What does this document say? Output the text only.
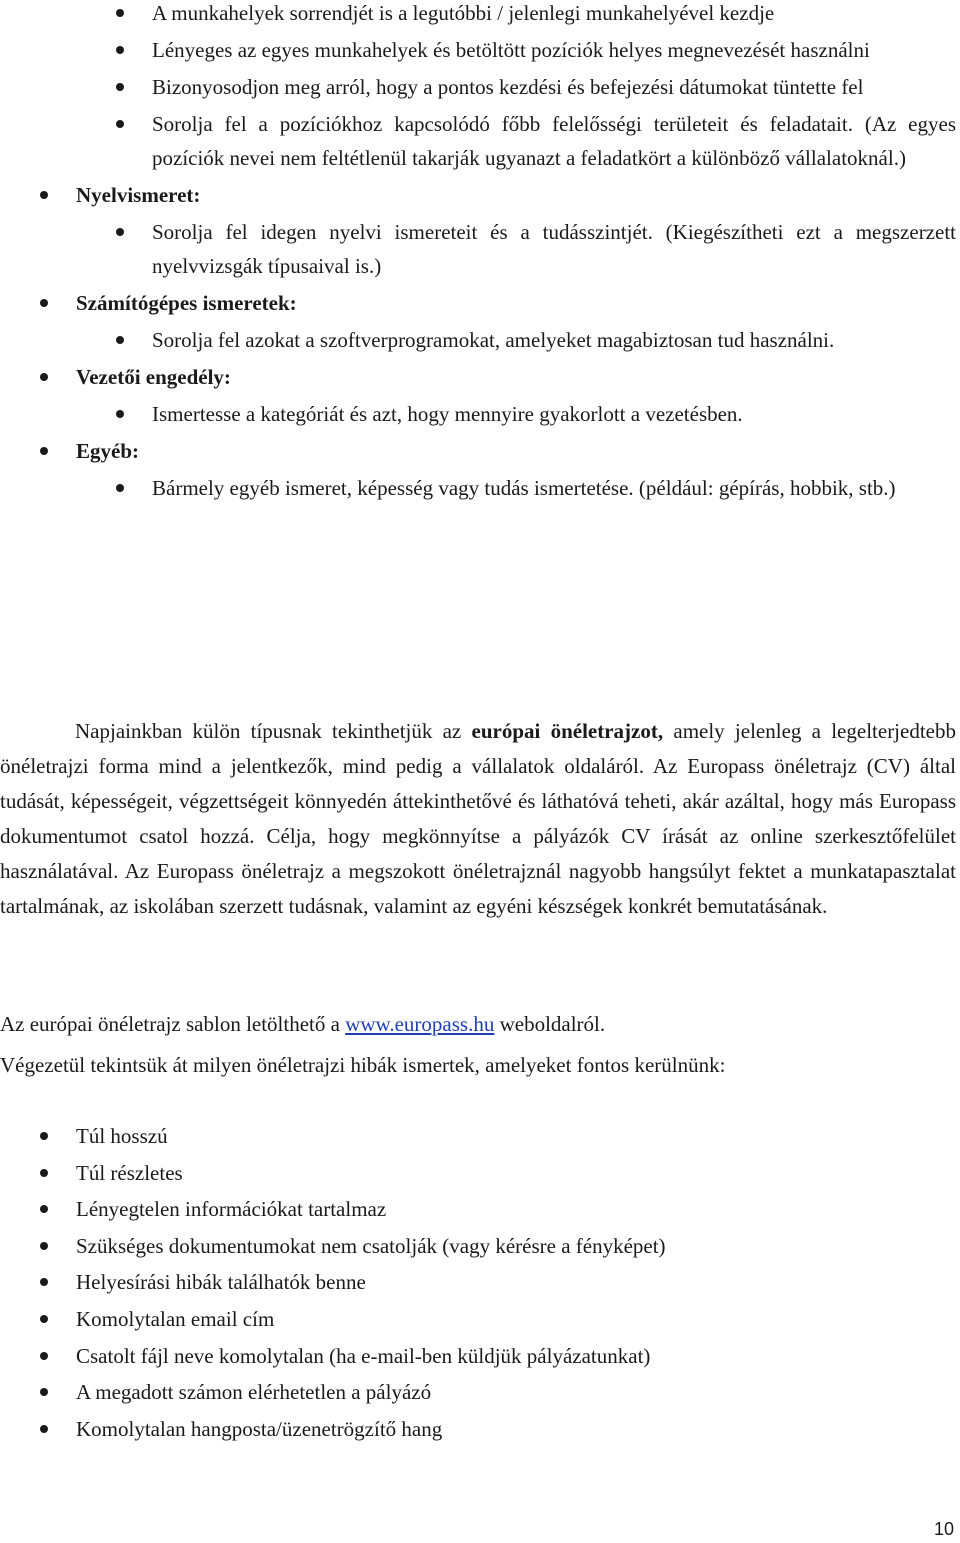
A munkahelyek sorrendjét is a legutóbbi / jelenlegi munkahelyével kezdje
Lényeges az egyes munkahelyek és betöltött pozíciók helyes megnevezését használni
Bizonyosodjon meg arról, hogy a pontos kezdési és befejezési dátumokat tüntette fel
Sorolja fel a pozíciókhoz kapcsolódó főbb felelősségi területeit és feladatait. (Az egyes pozíciók nevei nem feltétlenül takarják ugyanazt a feladatkört a különböző vállalatoknál.)
Nyelvismeret:
Sorolja fel idegen nyelvi ismereteit és a tudásszintjét. (Kiegészítheti ezt a megszerzett nyelvvizsgák típusaival is.)
Számítógépes ismeretek:
Sorolja fel azokat a szoftverprogramokat, amelyeket magabiztosan tud használni.
Vezetői engedély:
Ismertesse a kategóriát és azt, hogy mennyire gyakorlott a vezetésben.
Egyéb:
Bármely egyéb ismeret, képesség vagy tudás ismertetése. (például: gépírás, hobbik, stb.)

Napjainkban külön típusnak tekinthetjük az európai önéletrajzot, amely jelenleg a legelterjedtebb önéletrajzi forma mind a jelentkezők, mind pedig a vállalatok oldaláról. Az Europass önéletrajz (CV) által tudását, képességeit, végzettségeit könnyedén áttekinthetővé és láthatóvá teheti, akár azáltal, hogy más Europass dokumentumot csatol hozzá. Célja, hogy megkönnyítse a pályázók CV írását az online szerkesztőfelület használatával. Az Europass önéletrajz a megszokott önéletrajznál nagyobb hangsúlyt fektet a munkatapasztalat tartalmának, az iskolában szerzett tudásnak, valamint az egyéni készségek konkrét bemutatásának.

Az európai önéletrajz sablon letölthető a www.europass.hu weboldalról.

Végezetül tekintsük át milyen önéletrajzi hibák ismertek, amelyeket fontos kerülnünk:

Túl hosszú
Túl részletes
Lényegtelen információkat tartalmaz
Szükséges dokumentumokat nem csatolják (vagy kérésre a fényképet)
Helyesírási hibák találhatók benne
Komolytalan email cím
Csatolt fájl neve komolytalan (ha e-mail-ben küldjük pályázatunkat)
A megadott számon elérhetetlen a pályázó
Komolytalan hangposta/üzenetrögzítő hang
10
